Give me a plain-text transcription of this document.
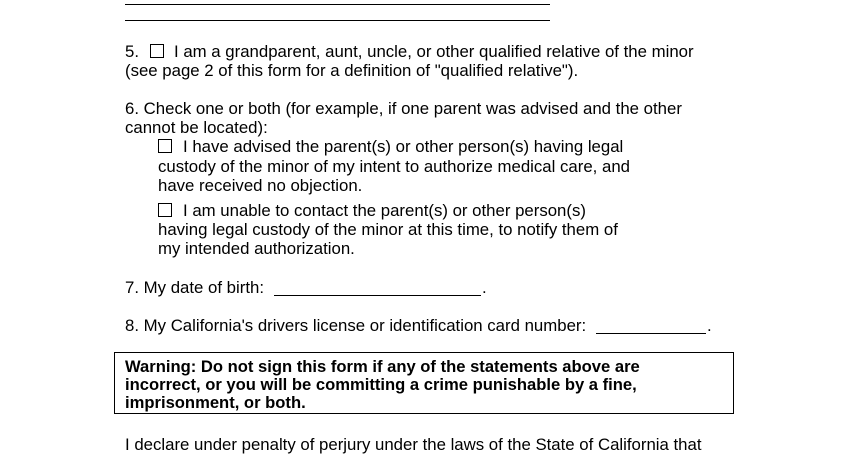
5. I am a grandparent, aunt, uncle, or other qualified relative of the minor
(see page 2 of this form for a definition of "qualified relative").
6. Check one or both (for example, if one parent was advised and the other
cannot be located):
I have advised the parent(s) or other person(s) having legal
custody of the minor of my intent to authorize medical care, and
have received no objection.
I am unable to contact the parent(s) or other person(s)
having legal custody of the minor at this time, to notify them of
my intended authorization.
7. My date of birth:	.
8. My California's drivers license or identification card number:	.
Warning: Do not sign this form if any of the statements above are
incorrect, or you will be committing a crime punishable by a fine,
imprisonment, or both.
I declare under penalty of perjury under the laws of the State of California that
